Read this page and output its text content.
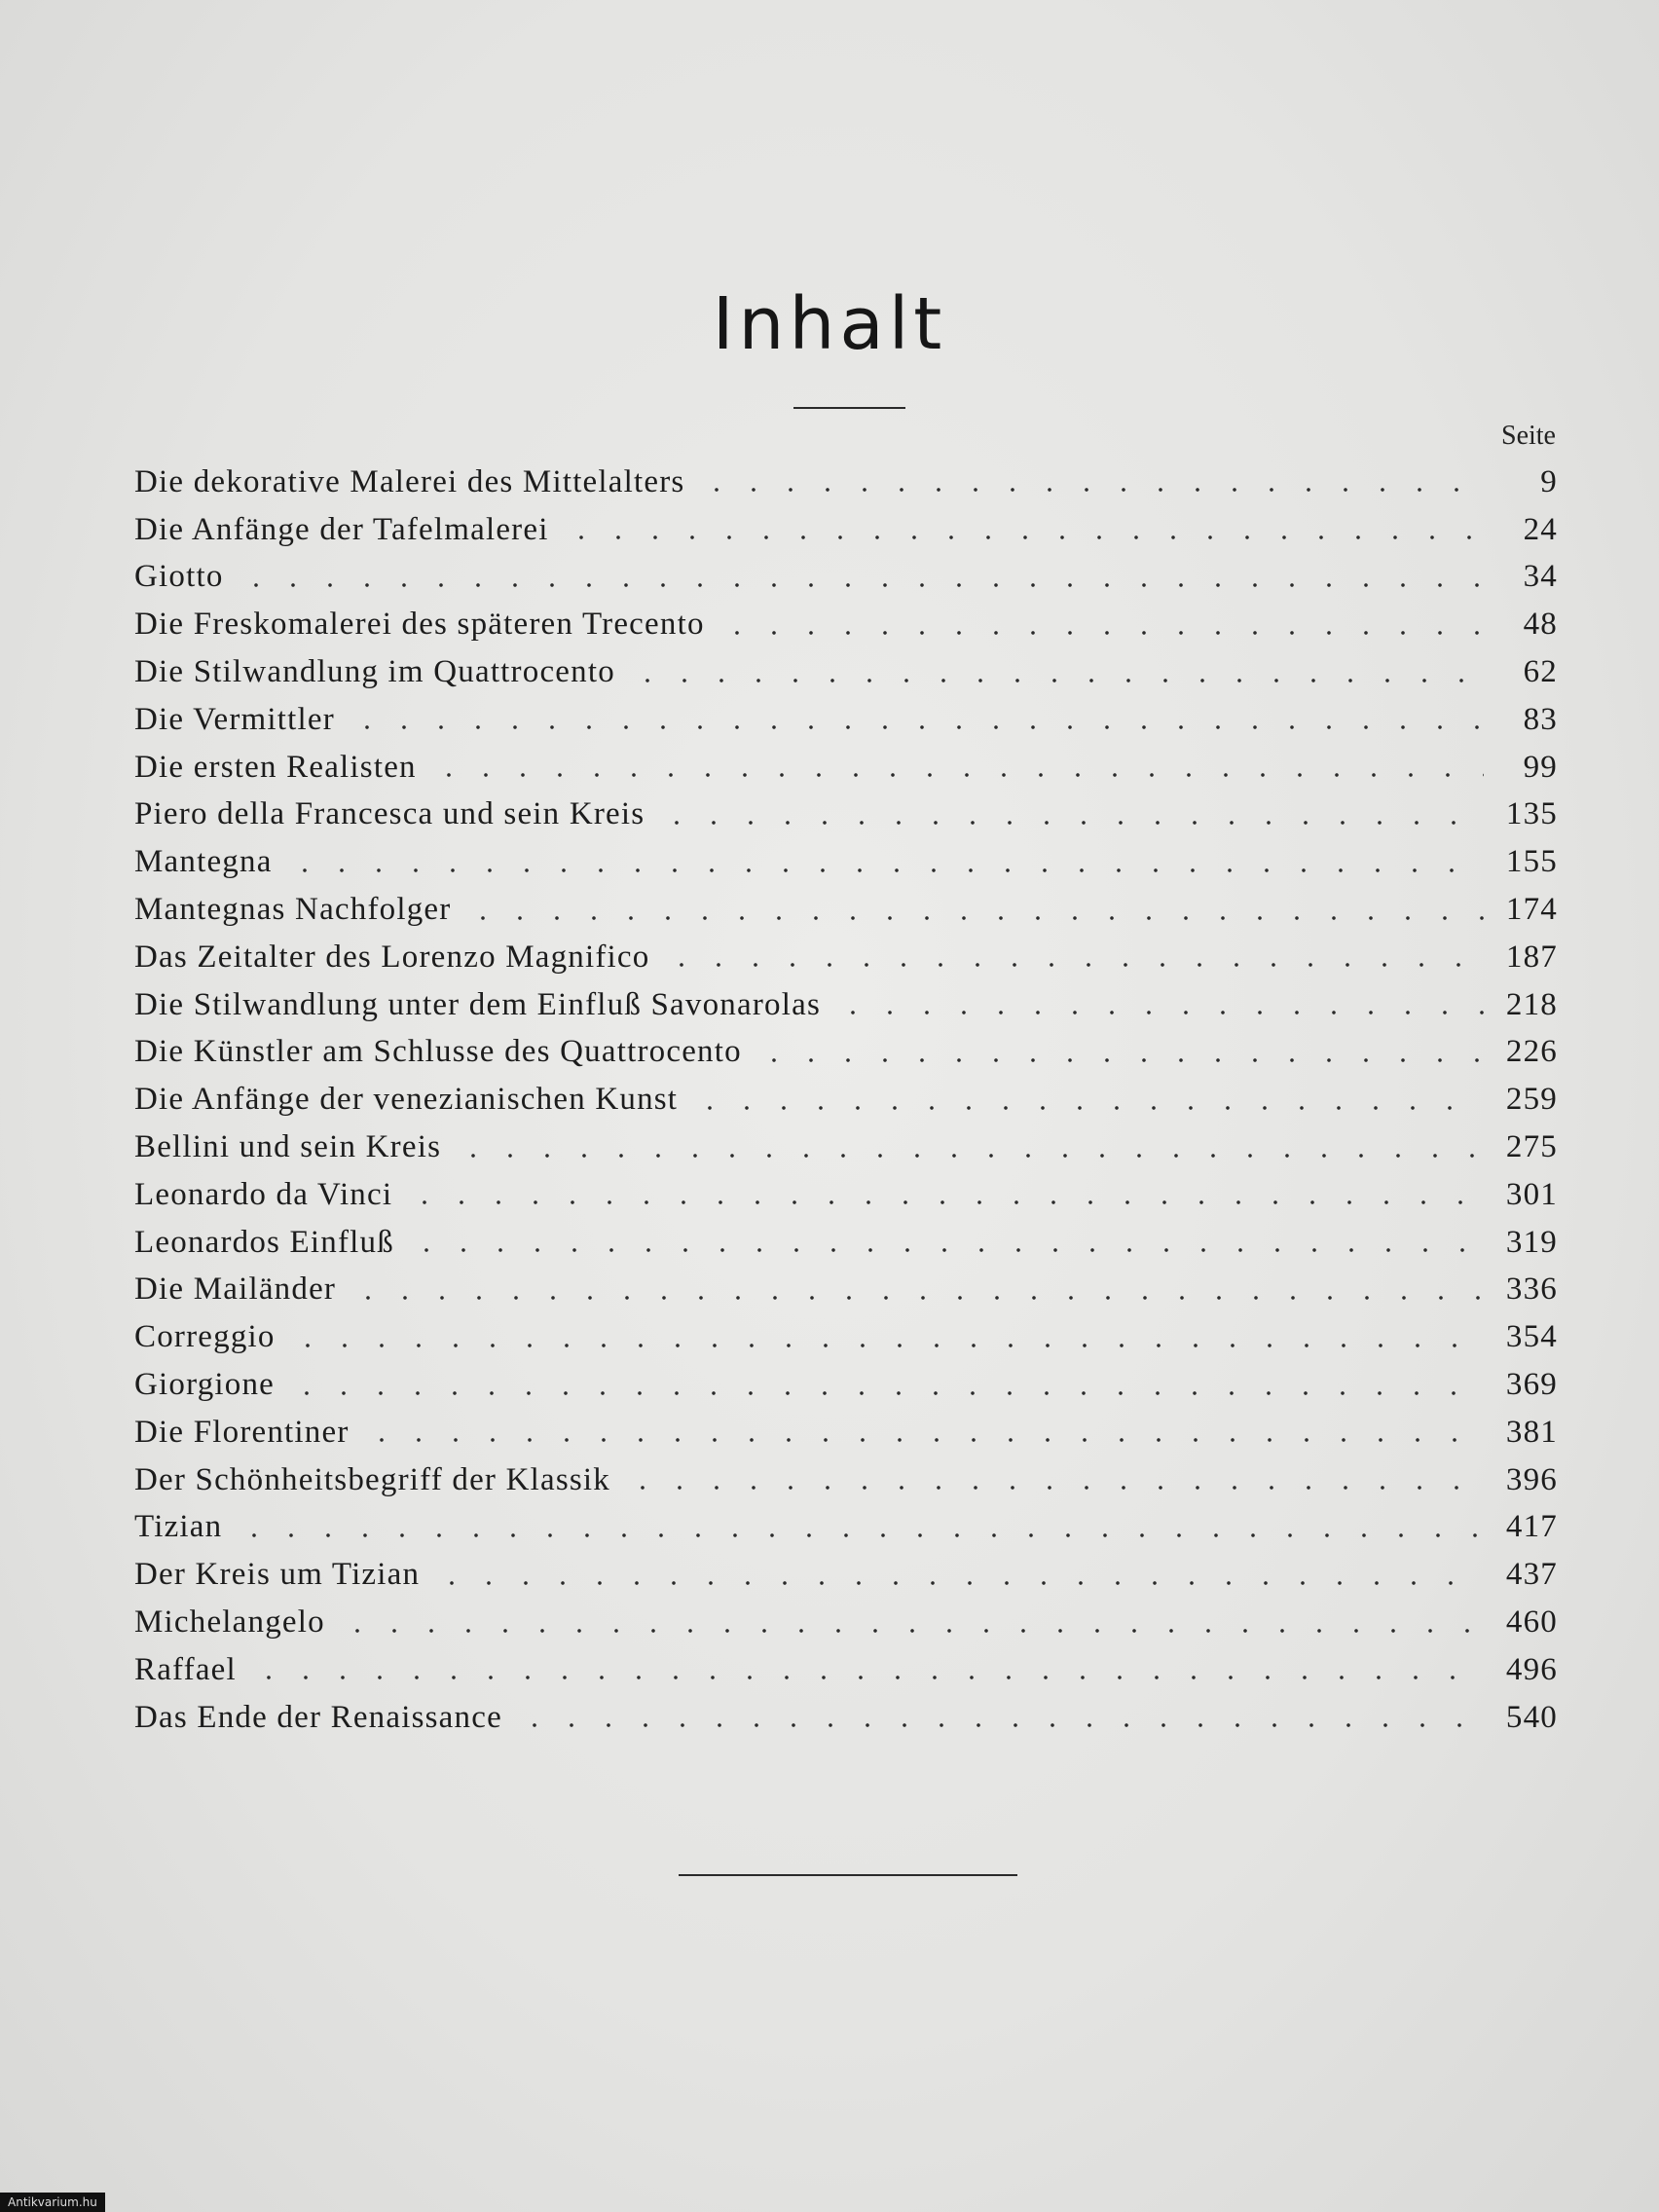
Inhalt
Seite
Die dekorative Malerei des Mittelalters	9
Die Anfänge der Tafelmalerei	24
Giotto	34
Die Freskomalerei des späteren Trecento	48
Die Stilwandlung im Quattrocento	62
Die Vermittler	83
Die ersten Realisten	99
Piero della Francesca und sein Kreis	135
Mantegna	155
Mantegnas Nachfolger	174
Das Zeitalter des Lorenzo Magnifico	187
Die Stilwandlung unter dem Einfluß Savonarolas	218
Die Künstler am Schlusse des Quattrocento	226
Die Anfänge der venezianischen Kunst	259
Bellini und sein Kreis	275
Leonardo da Vinci	301
Leonardos Einfluß	319
Die Mailänder	336
Correggio	354
Giorgione	369
Die Florentiner	381
Der Schönheitsbegriff der Klassik	396
Tizian	417
Der Kreis um Tizian	437
Michelangelo	460
Raffael	496
Das Ende der Renaissance	540
Antikvarium.hu
